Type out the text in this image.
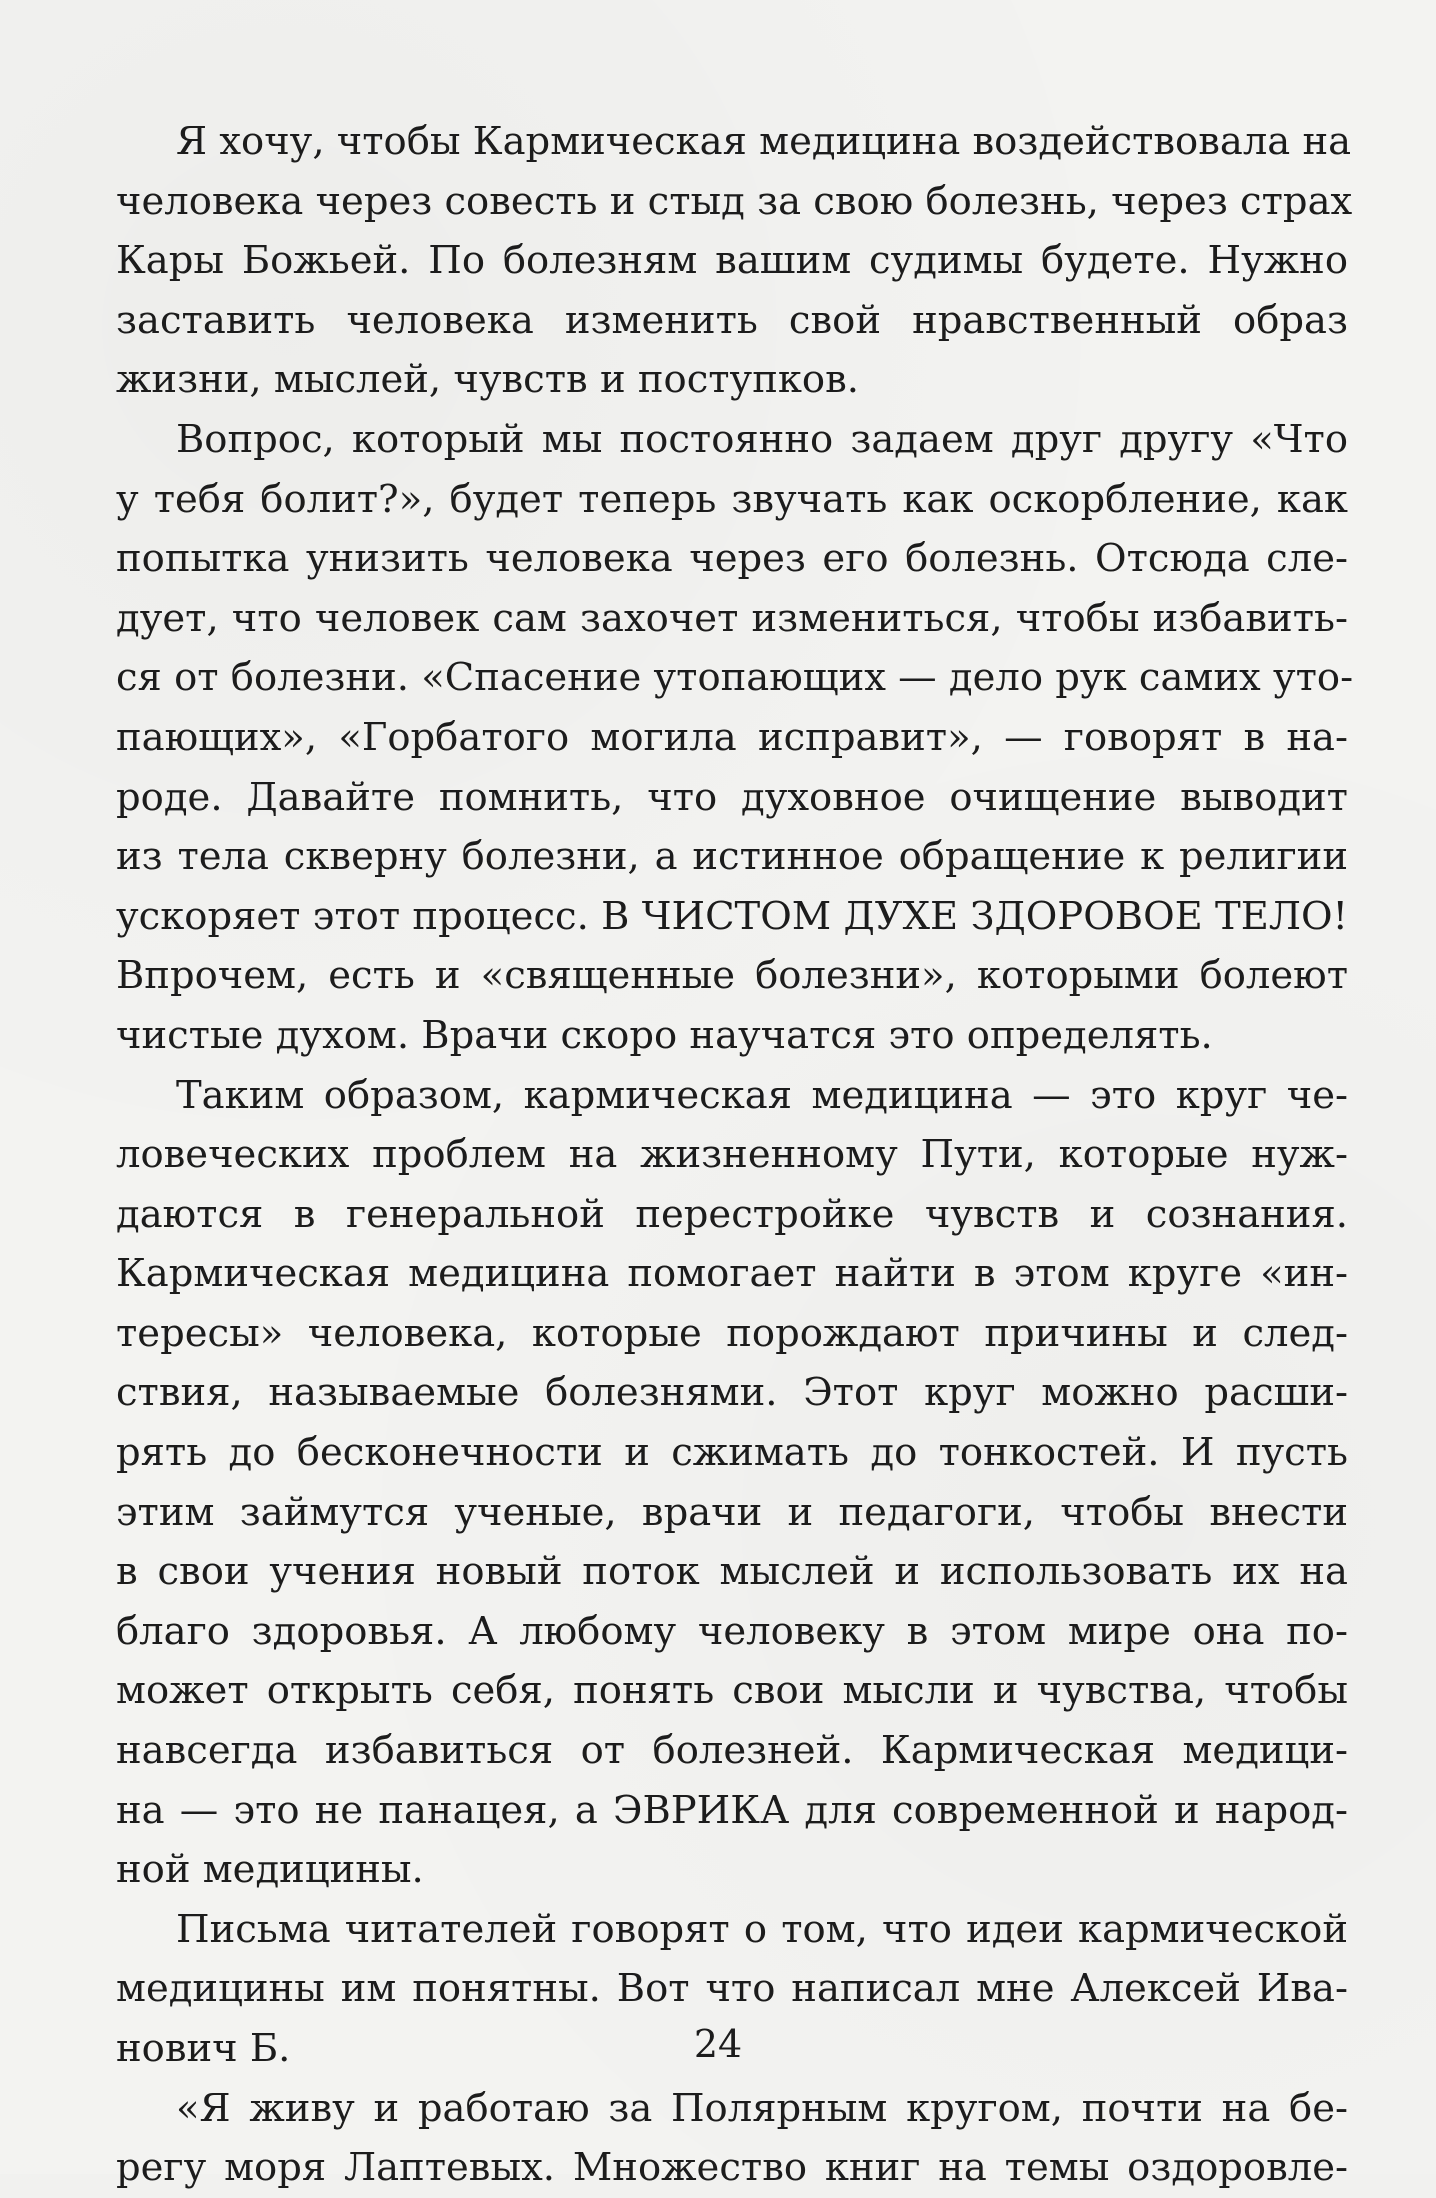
Я хочу, чтобы Кармическая медицина воздействовала на
человека через совесть и стыд за свою болезнь, через страх
Кары Божьей. По болезням вашим судимы будете. Нужно
заставить человека изменить свой нравственный образ
жизни, мыслей, чувств и поступков.
Вопрос, который мы постоянно задаем друг другу «Что
у тебя болит?», будет теперь звучать как оскорбление, как
попытка унизить человека через его болезнь. Отсюда сле-
дует, что человек сам захочет измениться, чтобы избавить-
ся от болезни. «Спасение утопающих — дело рук самих уто-
пающих», «Горбатого могила исправит», — говорят в на-
роде. Давайте помнить, что духовное очищение выводит
из тела скверну болезни, а истинное обращение к религии
ускоряет этот процесс. В ЧИСТОМ ДУХЕ ЗДОРОВОЕ ТЕЛО!
Впрочем, есть и «священные болезни», которыми болеют
чистые духом. Врачи скоро научатся это определять.
Таким образом, кармическая медицина — это круг че-
ловеческих проблем на жизненному Пути, которые нуж-
даются в генеральной перестройке чувств и сознания.
Кармическая медицина помогает найти в этом круге «ин-
тересы» человека, которые порождают причины и след-
ствия, называемые болезнями. Этот круг можно расши-
рять до бесконечности и сжимать до тонкостей. И пусть
этим займутся ученые, врачи и педагоги, чтобы внести
в свои учения новый поток мыслей и использовать их на
благо здоровья. А любому человеку в этом мире она по-
может открыть себя, понять свои мысли и чувства, чтобы
навсегда избавиться от болезней. Кармическая медици-
на — это не панацея, а ЭВРИКА для современной и народ-
ной медицины.
Письма читателей говорят о том, что идеи кармической
медицины им понятны. Вот что написал мне Алексей Ива-
нович Б.
«Я живу и работаю за Полярным кругом, почти на бе-
регу моря Лаптевых. Множество книг на темы оздоровле-
24
